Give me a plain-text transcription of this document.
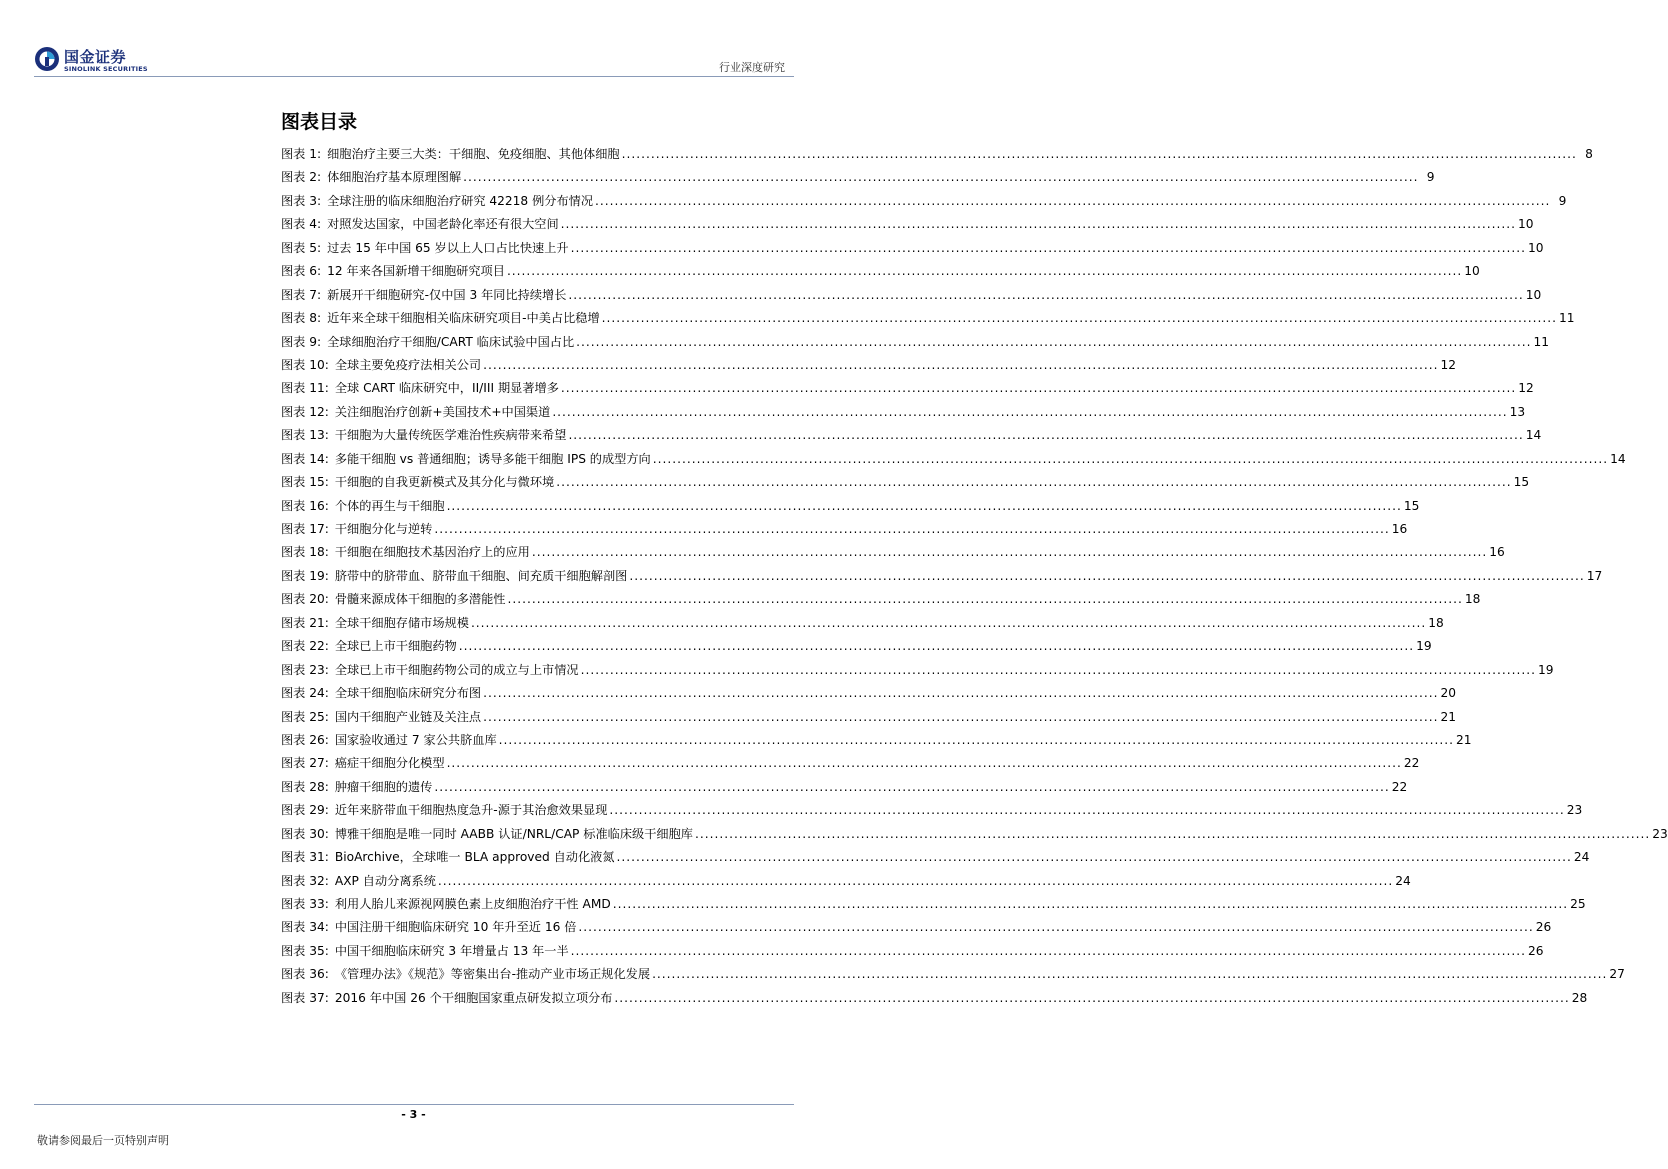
国金证券
SINOLINK SECURITIES	行业深度研究
图表目录
图表 1: 细胞治疗主要三大类：干细胞、免疫细胞、其他体细胞 .....	8
图表 2: 体细胞治疗基本原理图解 .....	9
图表 3: 全球注册的临床细胞治疗研究 42218 例分布情况 .....	9
图表 4: 对照发达国家，中国老龄化率还有很大空间 .....	10
图表 5: 过去 15 年中国 65 岁以上人口占比快速上升 .....	10
图表 6: 12 年来各国新增干细胞研究项目 .....	10
图表 7: 新展开干细胞研究-仅中国 3 年同比持续增长 .....	10
图表 8: 近年来全球干细胞相关临床研究项目-中美占比稳增 .....	11
图表 9: 全球细胞治疗干细胞/CART 临床试验中国占比 .....	11
图表 10: 全球主要免疫疗法相关公司 .....	12
图表 11: 全球 CART 临床研究中，II/III 期显著增多 .....	12
图表 12: 关注细胞治疗创新+美国技术+中国渠道 .....	13
图表 13: 干细胞为大量传统医学难治性疾病带来希望 .....	14
图表 14: 多能干细胞 vs 普通细胞；诱导多能干细胞 IPS 的成型方向 .....	14
图表 15: 干细胞的自我更新模式及其分化与微环境 .....	15
图表 16: 个体的再生与干细胞 .....	15
图表 17: 干细胞分化与逆转 .....	16
图表 18: 干细胞在细胞技术基因治疗上的应用 .....	16
图表 19: 脐带中的脐带血、脐带血干细胞、间充质干细胞解剖图 .....	17
图表 20: 骨髓来源成体干细胞的多潜能性 .....	18
图表 21: 全球干细胞存储市场规模 .....	18
图表 22: 全球已上市干细胞药物 .....	19
图表 23: 全球已上市干细胞药物公司的成立与上市情况 .....	19
图表 24: 全球干细胞临床研究分布图 .....	20
图表 25: 国内干细胞产业链及关注点 .....	21
图表 26: 国家验收通过 7 家公共脐血库 .....	21
图表 27: 癌症干细胞分化模型 .....	22
图表 28: 肿瘤干细胞的遗传 .....	22
图表 29: 近年来脐带血干细胞热度急升-源于其治愈效果显现 .....	23
图表 30: 博雅干细胞是唯一同时 AABB 认证/NRL/CAP 标准临床级干细胞库 .....	23
图表 31: BioArchive，全球唯一 BLA approved 自动化液氮 .....	24
图表 32: AXP 自动分离系统 .....	24
图表 33: 利用人胎儿来源视网膜色素上皮细胞治疗干性 AMD .....	25
图表 34: 中国注册干细胞临床研究 10 年升至近 16 倍 .....	26
图表 35: 中国干细胞临床研究 3 年增量占 13 年一半 .....	26
图表 36: 《管理办法》《规范》等密集出台-推动产业市场正规化发展 .....	27
图表 37: 2016 年中国 26 个干细胞国家重点研发拟立项分布 .....	28
- 3 -
敬请参阅最后一页特别声明
